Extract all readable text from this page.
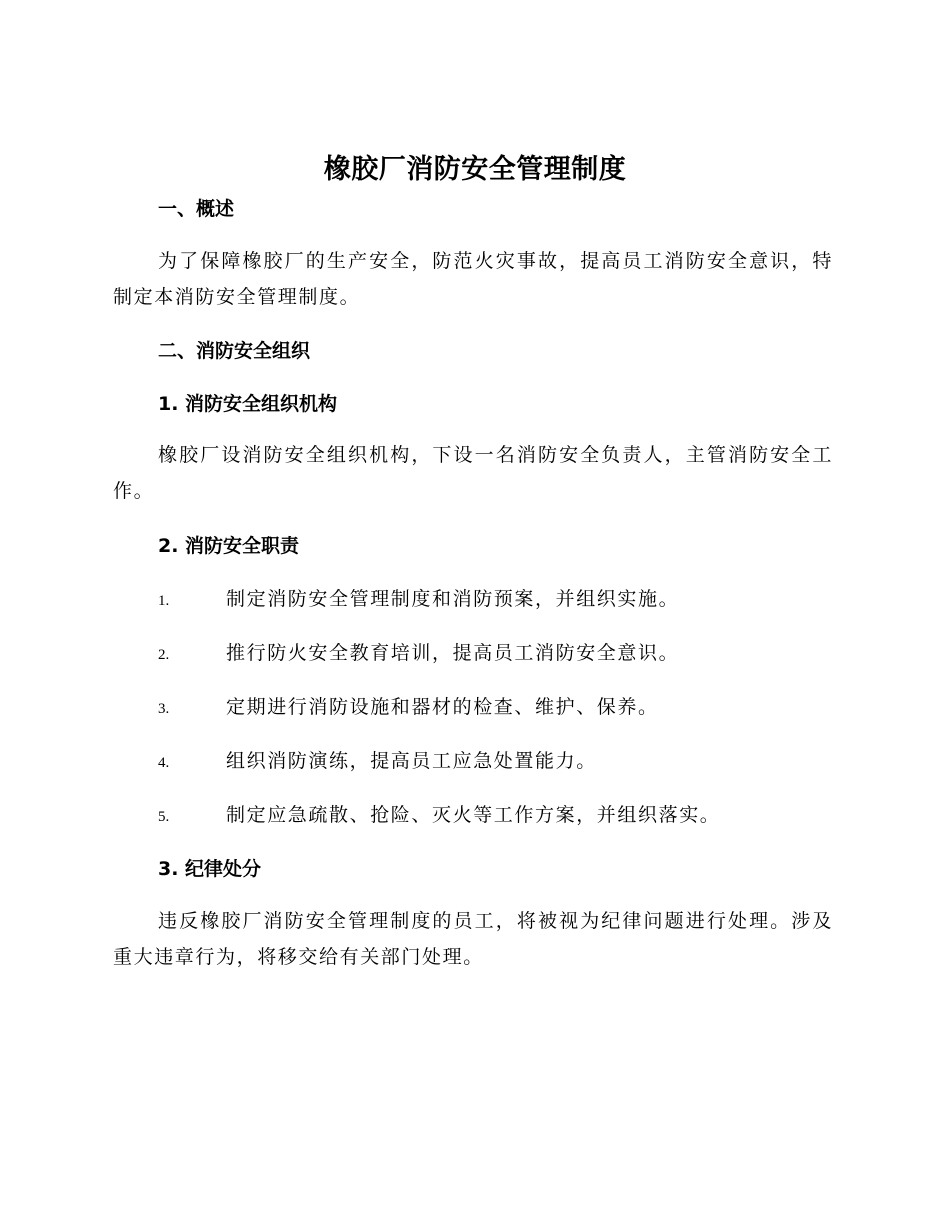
橡胶厂消防安全管理制度
一、概述
为了保障橡胶厂的生产安全，防范火灾事故，提高员工消防安全意识，特制定本消防安全管理制度。
二、消防安全组织
1. 消防安全组织机构
橡胶厂设消防安全组织机构，下设一名消防安全负责人，主管消防安全工作。
2. 消防安全职责
1.	制定消防安全管理制度和消防预案，并组织实施。
2.	推行防火安全教育培训，提高员工消防安全意识。
3.	定期进行消防设施和器材的检查、维护、保养。
4.	组织消防演练，提高员工应急处置能力。
5.	制定应急疏散、抢险、灭火等工作方案，并组织落实。
3. 纪律处分
违反橡胶厂消防安全管理制度的员工，将被视为纪律问题进行处理。涉及重大违章行为，将移交给有关部门处理。
